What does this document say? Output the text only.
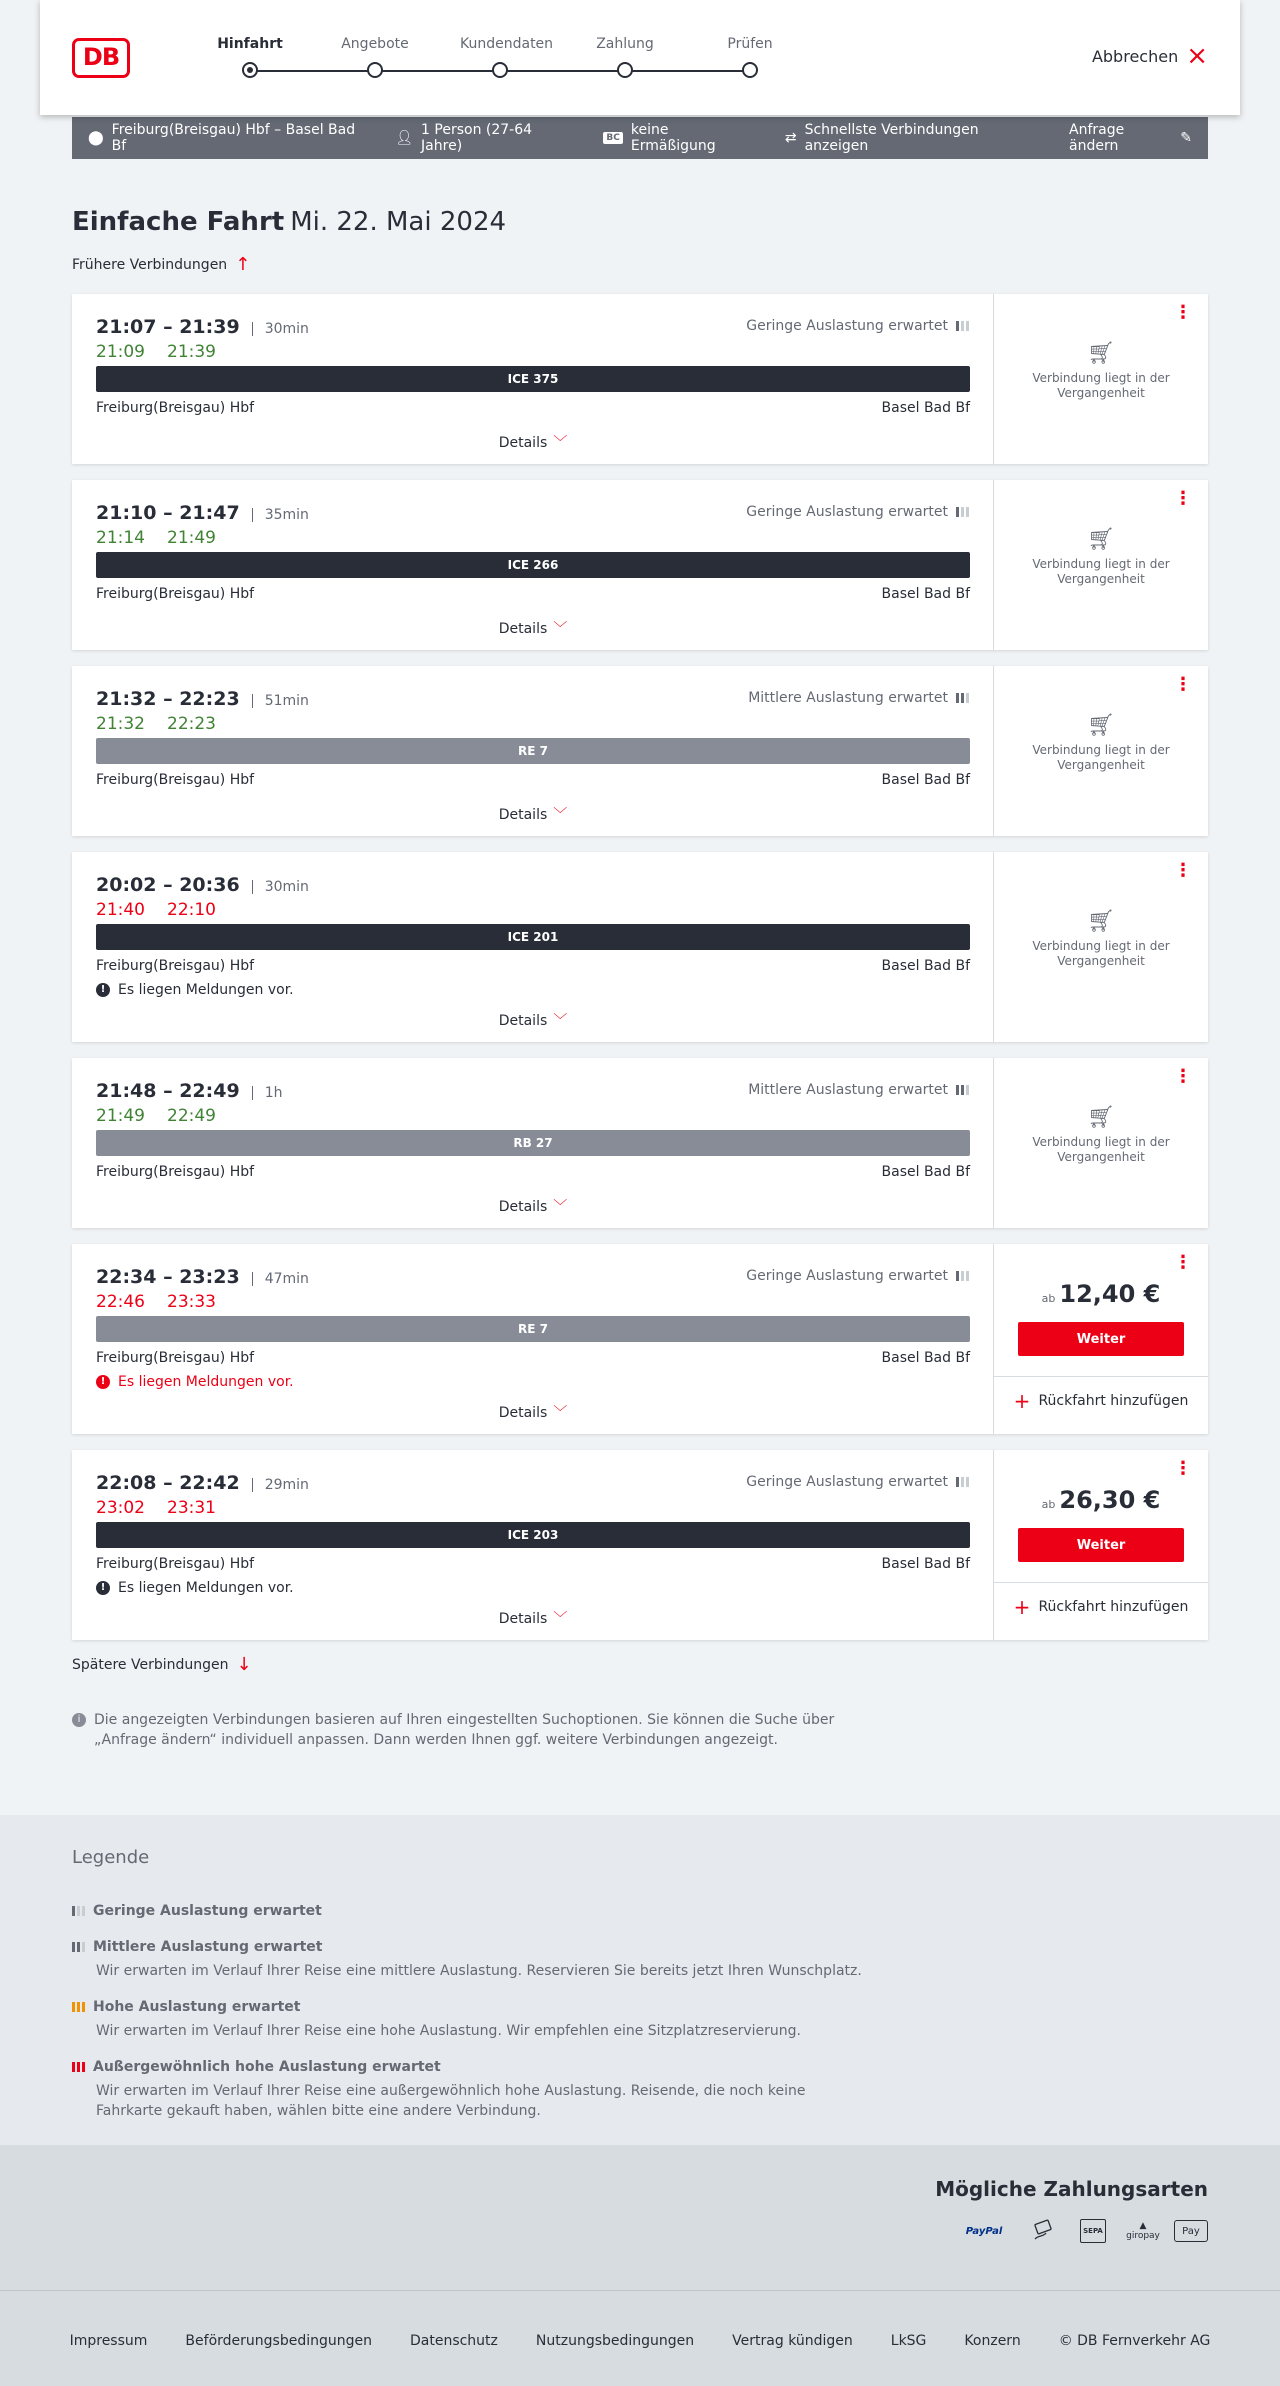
DB	Hinfahrt	Angebote	Kundendaten	Zahlung	Prüfen
Abbrechen ×
⬤ Freiburg(Breisgau) Hbf – Basel Bad Bf	👤︎ 1 Person (27-64 Jahre)	BC keine Ermäßigung	⇄ Schnellste Verbindungen anzeigen
Anfrage ändern	✎
Einfache Fahrt Mi. 22. Mai 2024
Frühere Verbindungen ↑
21:07 – 21:39	30min
21:09 21:39
Geringe Auslastung erwartet
ICE 375
Freiburg(Breisgau) Hbf	Basel Bad Bf
Details ﹀
⋮
🛒︎
Verbindung liegt in der Vergangenheit
21:10 – 21:47	35min
21:14 21:49
Geringe Auslastung erwartet
ICE 266
Freiburg(Breisgau) Hbf	Basel Bad Bf
Details ﹀
⋮
🛒︎
Verbindung liegt in der Vergangenheit
21:32 – 22:23	51min
21:32 22:23
Mittlere Auslastung erwartet
RE 7
Freiburg(Breisgau) Hbf	Basel Bad Bf
Details ﹀
⋮
🛒︎
Verbindung liegt in der Vergangenheit
20:02 – 20:36	30min
21:40 22:10
ICE 201
Freiburg(Breisgau) Hbf	Basel Bad Bf
! Es liegen Meldungen vor.
Details ﹀
⋮
🛒︎
Verbindung liegt in der Vergangenheit
21:48 – 22:49	1h
21:49 22:49
Mittlere Auslastung erwartet
RB 27
Freiburg(Breisgau) Hbf	Basel Bad Bf
Details ﹀
⋮
🛒︎
Verbindung liegt in der Vergangenheit
22:34 – 23:23	47min
22:46 23:33
Geringe Auslastung erwartet
RE 7
Freiburg(Breisgau) Hbf	Basel Bad Bf
! Es liegen Meldungen vor.
Details ﹀
⋮
ab 12,40 €
Weiter
+ Rückfahrt hinzufügen
22:08 – 22:42	29min
23:02 23:31
Geringe Auslastung erwartet
ICE 203
Freiburg(Breisgau) Hbf	Basel Bad Bf
! Es liegen Meldungen vor.
Details ﹀
⋮
ab 26,30 €
Weiter
+ Rückfahrt hinzufügen
Spätere Verbindungen ↓
i Die angezeigten Verbindungen basieren auf Ihren eingestellten Suchoptionen. Sie können die Suche über „Anfrage ändern“ individuell anpassen. Dann werden Ihnen ggf. weitere Verbindungen angezeigt.
Legende
Geringe Auslastung erwartet
Mittlere Auslastung erwartet
Wir erwarten im Verlauf Ihrer Reise eine mittlere Auslastung. Reservieren Sie bereits jetzt Ihren Wunschplatz.
Hohe Auslastung erwartet
Wir erwarten im Verlauf Ihrer Reise eine hohe Auslastung. Wir empfehlen eine Sitzplatzreservierung.
Außergewöhnlich hohe Auslastung erwartet
Wir erwarten im Verlauf Ihrer Reise eine außergewöhnlich hohe Auslastung. Reisende, die noch keine Fahrkarte gekauft haben, wählen bitte eine andere Verbindung.
Mögliche Zahlungsarten
PayPal	SEPA	▲
giropay	Pay
Impressum	Beförderungsbedingungen	Datenschutz	Nutzungsbedingungen	Vertrag kündigen	LkSG	Konzern	© DB Fernverkehr AG
